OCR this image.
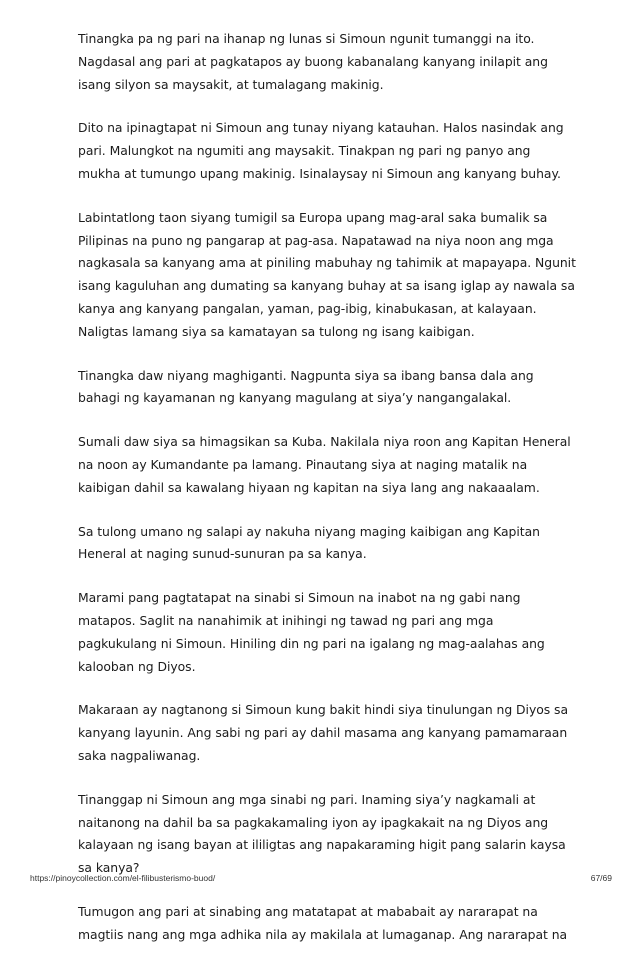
Tinangka pa ng pari na ihanap ng lunas si Simoun ngunit tumanggi na ito.
Nagdasal ang pari at pagkatapos ay buong kabanalang kanyang inilapit ang
isang silyon sa maysakit, at tumalagang makinig.

Dito na ipinagtapat ni Simoun ang tunay niyang katauhan. Halos nasindak ang
pari. Malungkot na ngumiti ang maysakit. Tinakpan ng pari ng panyo ang
mukha at tumungo upang makinig. Isinalaysay ni Simoun ang kanyang buhay.

Labintatlong taon siyang tumigil sa Europa upang mag-aral saka bumalik sa
Pilipinas na puno ng pangarap at pag-asa. Napatawad na niya noon ang mga
nagkasala sa kanyang ama at piniling mabuhay ng tahimik at mapayapa. Ngunit
isang kaguluhan ang dumating sa kanyang buhay at sa isang iglap ay nawala sa
kanya ang kanyang pangalan, yaman, pag-ibig, kinabukasan, at kalayaan.
Naligtas lamang siya sa kamatayan sa tulong ng isang kaibigan.

Tinangka daw niyang maghiganti. Nagpunta siya sa ibang bansa dala ang
bahagi ng kayamanan ng kanyang magulang at siya’y nangangalakal.

Sumali daw siya sa himagsikan sa Kuba. Nakilala niya roon ang Kapitan Heneral
na noon ay Kumandante pa lamang. Pinautang siya at naging matalik na
kaibigan dahil sa kawalang hiyaan ng kapitan na siya lang ang nakaaalam.

Sa tulong umano ng salapi ay nakuha niyang maging kaibigan ang Kapitan
Heneral at naging sunud-sunuran pa sa kanya.

Marami pang pagtatapat na sinabi si Simoun na inabot na ng gabi nang
matapos. Saglit na nanahimik at inihingi ng tawad ng pari ang mga
pagkukulang ni Simoun. Hiniling din ng pari na igalang ng mag-aalahas ang
kalooban ng Diyos.

Makaraan ay nagtanong si Simoun kung bakit hindi siya tinulungan ng Diyos sa
kanyang layunin. Ang sabi ng pari ay dahil masama ang kanyang pamamaraan
saka nagpaliwanag.

Tinanggap ni Simoun ang mga sinabi ng pari. Inaming siya’y nagkamali at
naitanong na dahil ba sa pagkakamaling iyon ay ipagkakait na ng Diyos ang
kalayaan ng isang bayan at ililigtas ang napakaraming higit pang salarin kaysa
sa kanya?

Tumugon ang pari at sinabing ang matatapat at mababait ay nararapat na
magtiis nang ang mga adhika nila ay makilala at lumaganap. Ang nararapat na

https://pinoycollection.com/el-filibusterismo-buod/	67/69
